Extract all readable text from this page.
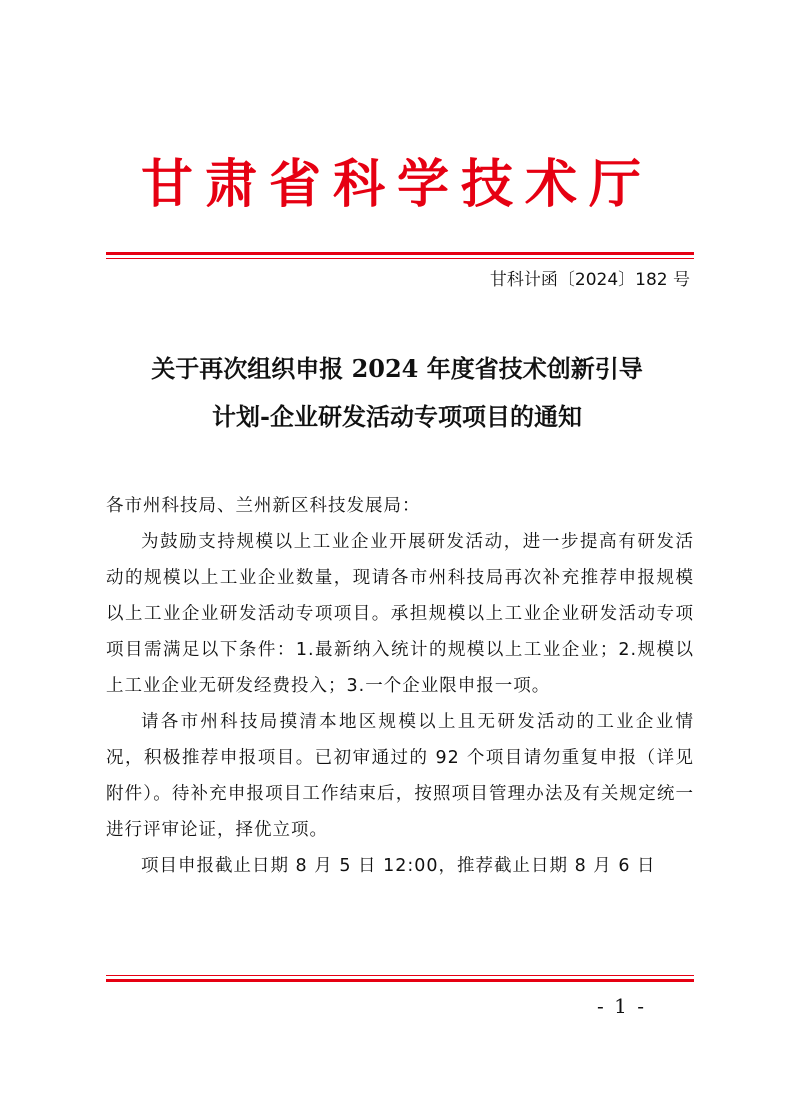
甘肃省科学技术厅
甘科计函〔2024〕182 号
关于再次组织申报 2024 年度省技术创新引导
计划-企业研发活动专项项目的通知

各市州科技局、兰州新区科技发展局：

为鼓励支持规模以上工业企业开展研发活动，进一步提高有研发活动的规模以上工业企业数量，现请各市州科技局再次补充推荐申报规模以上工业企业研发活动专项项目。承担规模以上工业企业研发活动专项项目需满足以下条件：1.最新纳入统计的规模以上工业企业；2.规模以上工业企业无研发经费投入；3.一个企业限申报一项。

请各市州科技局摸清本地区规模以上且无研发活动的工业企业情况，积极推荐申报项目。已初审通过的 92 个项目请勿重复申报（详见附件）。待补充申报项目工作结束后，按照项目管理办法及有关规定统一进行评审论证，择优立项。

项目申报截止日期 8 月 5 日 12:00，推荐截止日期 8 月 6 日

- 1 -
